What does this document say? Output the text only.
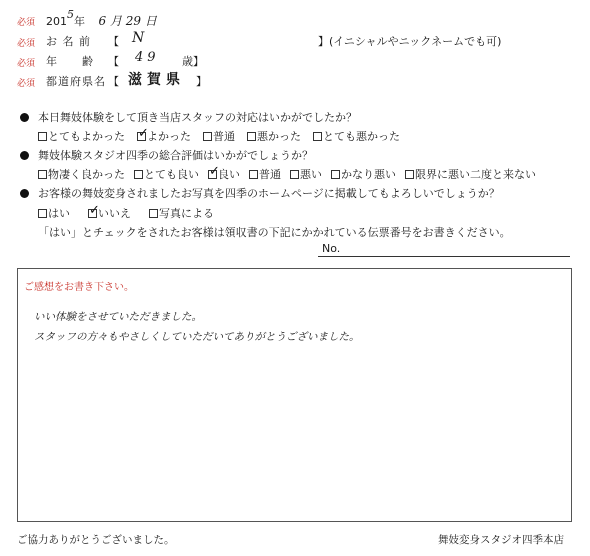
必須 2015年 6 月 29 日
必須 お 名 前 【 N	】(イニシャルやニックネームでも可)
必須 年　　齢 【 49 歳】
必須 都道府県名 【 滋賀県 】
本日舞妓体験をして頂き当店スタッフの対応はいかがでしたか？
とてもよかった ✓
よかった 普通 悪かった とても悪かった
舞妓体験スタジオ四季の総合評価はいかがでしょうか？
物凄く良かった とても良い ✓
良い 普通 悪い かなり悪い 限界に悪い二度と来ない
お客様の舞妓変身されましたお写真を四季のホームページに掲載してもよろしいでしょうか？
はい ✓
いいえ	写真による
「はい」とチェックをされたお客様は領収書の下記にかかれている伝票番号をお書きください。
No.
ご感想をお書き下さい。
いい体験をさせていただきました。
スタッフの方々もやさしくしていただいてありがとうございました。
ご協力ありがとうございました。	舞妓変身スタジオ四季本店
